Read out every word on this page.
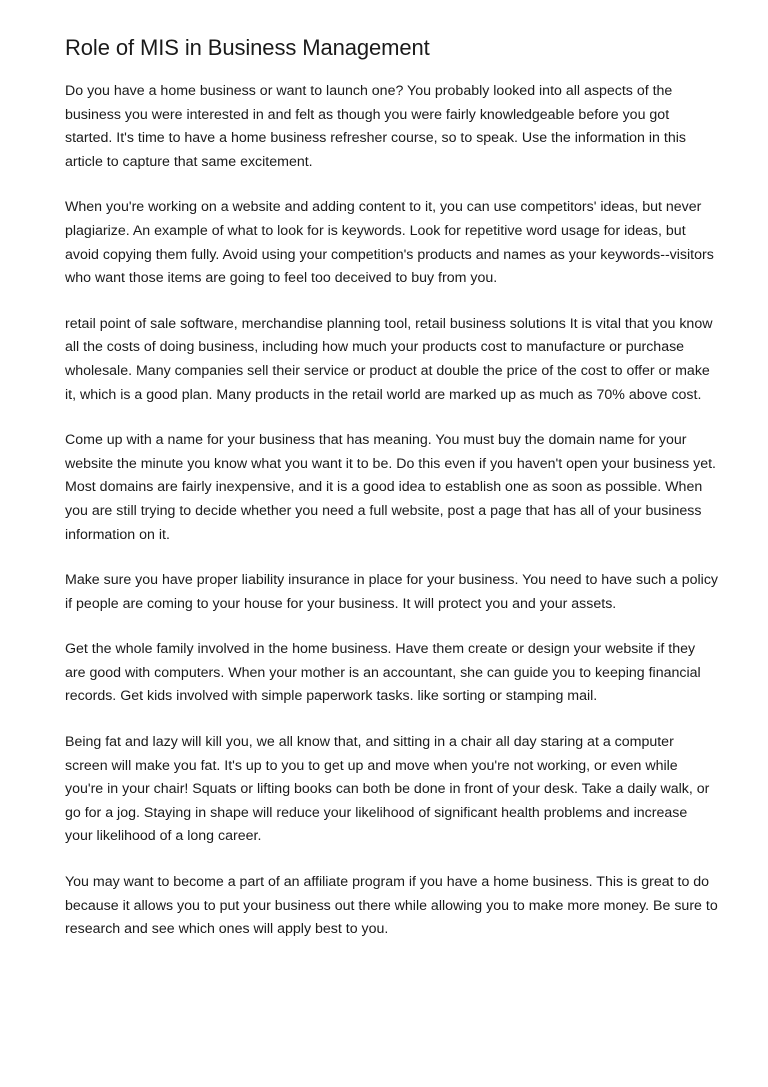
Role of MIS in Business Management

Do you have a home business or want to launch one? You probably looked into all aspects of the business you were interested in and felt as though you were fairly knowledgeable before you got started. It's time to have a home business refresher course, so to speak. Use the information in this article to capture that same excitement.

When you're working on a website and adding content to it, you can use competitors' ideas, but never plagiarize. An example of what to look for is keywords. Look for repetitive word usage for ideas, but avoid copying them fully. Avoid using your competition's products and names as your keywords--visitors who want those items are going to feel too deceived to buy from you.

retail point of sale software, merchandise planning tool, retail business solutions It is vital that you know all the costs of doing business, including how much your products cost to manufacture or purchase wholesale. Many companies sell their service or product at double the price of the cost to offer or make it, which is a good plan. Many products in the retail world are marked up as much as 70% above cost.

Come up with a name for your business that has meaning. You must buy the domain name for your website the minute you know what you want it to be. Do this even if you haven't open your business yet. Most domains are fairly inexpensive, and it is a good idea to establish one as soon as possible. When you are still trying to decide whether you need a full website, post a page that has all of your business information on it.

Make sure you have proper liability insurance in place for your business. You need to have such a policy if people are coming to your house for your business. It will protect you and your assets.

Get the whole family involved in the home business. Have them create or design your website if they are good with computers. When your mother is an accountant, she can guide you to keeping financial records. Get kids involved with simple paperwork tasks. like sorting or stamping mail.

Being fat and lazy will kill you, we all know that, and sitting in a chair all day staring at a computer screen will make you fat. It's up to you to get up and move when you're not working, or even while you're in your chair! Squats or lifting books can both be done in front of your desk. Take a daily walk, or go for a jog. Staying in shape will reduce your likelihood of significant health problems and increase your likelihood of a long career.

You may want to become a part of an affiliate program if you have a home business. This is great to do because it allows you to put your business out there while allowing you to make more money. Be sure to research and see which ones will apply best to you.
